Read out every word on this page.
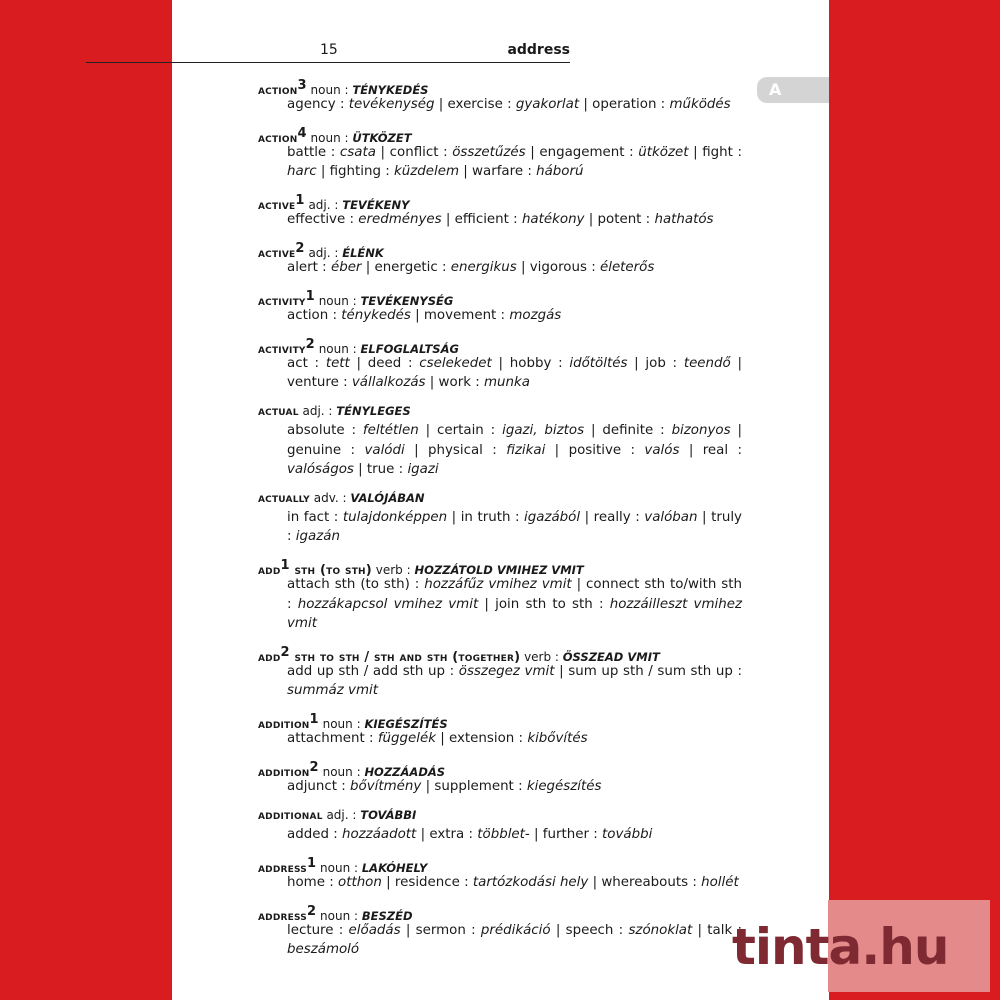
15	address
A
action$^3$ noun : TÉNYKEDÉS
agency : tevékenység | exercise : gyakorlat | operation : működés
action$^4$ noun : ÜTKÖZET
battle : csata | conflict : összetűzés | engagement : ütközet | fight : harc | fighting : küzdelem | warfare : háború
active$^1$ adj. : TEVÉKENY
effective : eredményes | efficient : hatékony | potent : hathatós
active$^2$ adj. : ÉLÉNK
alert : éber | energetic : energikus | vigorous : életerős
activity$^1$ noun : TEVÉKENYSÉG
action : ténykedés | movement : mozgás
activity$^2$ noun : ELFOGLALTSÁG
act : tett | deed : cselekedet | hobby : időtöltés | job : teendő | venture : vállalkozás | work : munka
actual adj. : TÉNYLEGES
absolute : feltétlen | certain : igazi, biztos | definite : bizonyos | genuine : valódi | physical : fizikai | positive : valós | real : valóságos | true : igazi
actually adv. : VALÓJÁBAN
in fact : tulajdonképpen | in truth : igazából | really : valóban | truly : igazán
add$^1$ sth (to sth) verb : HOZZÁTOLD VMIHEZ VMIT
attach sth (to sth) : hozzáfűz vmihez vmit | connect sth to/with sth : hozzákapcsol vmihez vmit | join sth to sth : hozzáilleszt vmihez vmit
add$^2$ sth to sth / sth and sth (together) verb : ÖSSZEAD VMIT
add up sth / add sth up : összegez vmit | sum up sth / sum sth up : summáz vmit
addition$^1$ noun : KIEGÉSZÍTÉS
attachment : függelék | extension : kibővítés
addition$^2$ noun : HOZZÁADÁS
adjunct : bővítmény | supplement : kiegészítés
additional adj. : TOVÁBBI
added : hozzáadott | extra : többlet- | further : további
address$^1$ noun : LAKÓHELY
home : otthon | residence : tartózkodási hely | whereabouts : hollét
address$^2$ noun : BESZÉD
lecture : előadás | sermon : prédikáció | speech : szónoklat | talk : beszámoló	tinta.hu
